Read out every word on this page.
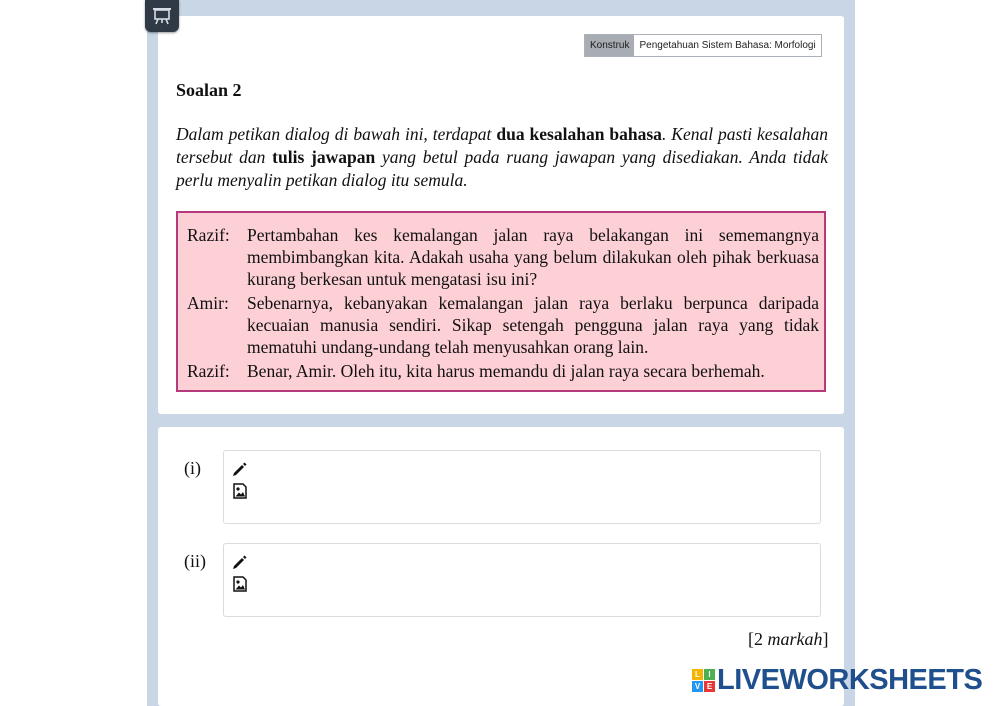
Konstruk	Pengetahuan Sistem Bahasa: Morfologi
Soalan 2
Dalam petikan dialog di bawah ini, terdapat dua kesalahan bahasa. Kenal pasti kesalahan tersebut dan tulis jawapan yang betul pada ruang jawapan yang disediakan. Anda tidak perlu menyalin petikan dialog itu semula.
Razif: Pertambahan kes kemalangan jalan raya belakangan ini sememangnya membimbangkan kita. Adakah usaha yang belum dilakukan oleh pihak berkuasa kurang berkesan untuk mengatasi isu ini?
Amir: Sebenarnya, kebanyakan kemalangan jalan raya berlaku berpunca daripada kecuaian manusia sendiri. Sikap setengah pengguna jalan raya yang tidak mematuhi undang-undang telah menyusahkan orang lain.
Razif: Benar, Amir. Oleh itu, kita harus memandu di jalan raya secara berhemah.
(i)
(ii)
[2 markah]
L	I
V E LIVEWORKSHEETS
